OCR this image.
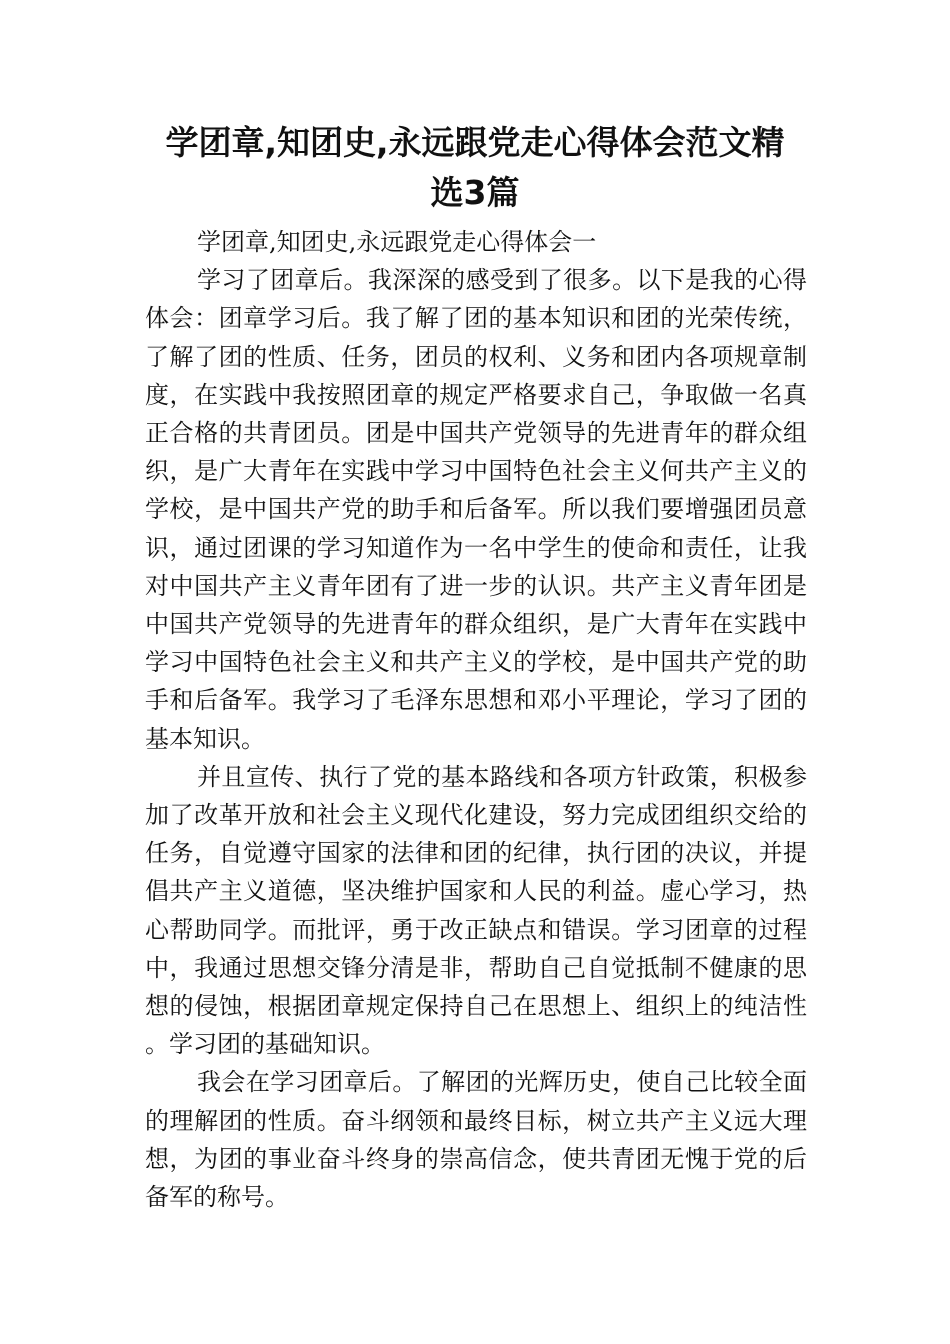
学团章,知团史,永远跟党走心得体会范文精
选3篇

学团章,知团史,永远跟党走心得体会一

学习了团章后。我深深的感受到了很多。以下是我的心得体会：团章学习后。我了解了团的基本知识和团的光荣传统，了解了团的性质、任务，团员的权利、义务和团内各项规章制度，在实践中我按照团章的规定严格要求自己，争取做一名真正合格的共青团员。团是中国共产党领导的先进青年的群众组织，是广大青年在实践中学习中国特色社会主义何共产主义的学校，是中国共产党的助手和后备军。所以我们要增强团员意识，通过团课的学习知道作为一名中学生的使命和责任，让我对中国共产主义青年团有了进一步的认识。共产主义青年团是中国共产党领导的先进青年的群众组织，是广大青年在实践中学习中国特色社会主义和共产主义的学校，是中国共产党的助手和后备军。我学习了毛泽东思想和邓小平理论，学习了团的基本知识。

并且宣传、执行了党的基本路线和各项方针政策，积极参加了改革开放和社会主义现代化建设，努力完成团组织交给的任务，自觉遵守国家的法律和团的纪律，执行团的决议，并提倡共产主义道德，坚决维护国家和人民的利益。虚心学习，热心帮助同学。而批评，勇于改正缺点和错误。学习团章的过程中，我通过思想交锋分清是非，帮助自己自觉抵制不健康的思想的侵蚀，根据团章规定保持自己在思想上、组织上的纯洁性。学习团的基础知识。

我会在学习团章后。了解团的光辉历史，使自己比较全面的理解团的性质。奋斗纲领和最终目标，树立共产主义远大理想，为团的事业奋斗终身的崇高信念，使共青团无愧于党的后备军的称号。
